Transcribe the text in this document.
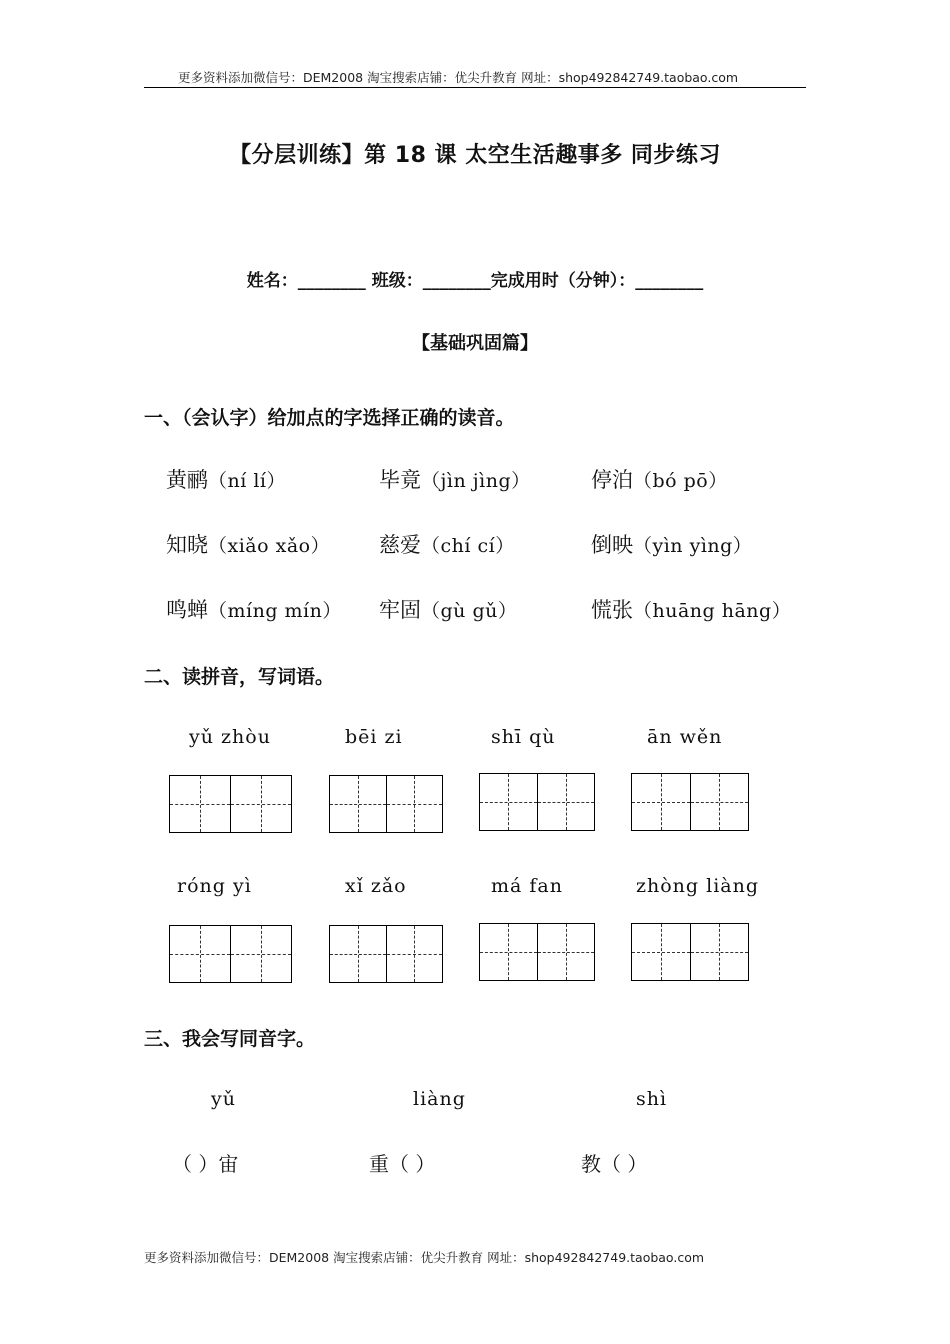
更多资料添加微信号：DEM2008 淘宝搜索店铺：优尖升教育 网址：shop492842749.taobao.com
【分层训练】第 18 课 太空生活趣事多 同步练习
姓名：________ 班级：________完成用时（分钟）：________
【基础巩固篇】
一、（会认字）给加点的字选择正确的读音。
黄鹂（ní lí）	毕竟（jìn jìng）	停泊（bó pō）
知晓（xiǎo xǎo） 慈爱（chí cí）	倒映（yìn yìng）
鸣蝉（míng mín） 牢固（gù gǔ）	慌张（huāng hāng）
二、读拼音，写词语。
yǔ zhòu	bēi zi	shī qù	ān wěn
róng yì	xǐ zǎo	má fan	zhòng liàng
三、我会写同音字。
yǔ	liàng	shì
（ ）宙	重（ ）	教（ ）
更多资料添加微信号：DEM2008 淘宝搜索店铺：优尖升教育 网址：shop492842749.taobao.com
